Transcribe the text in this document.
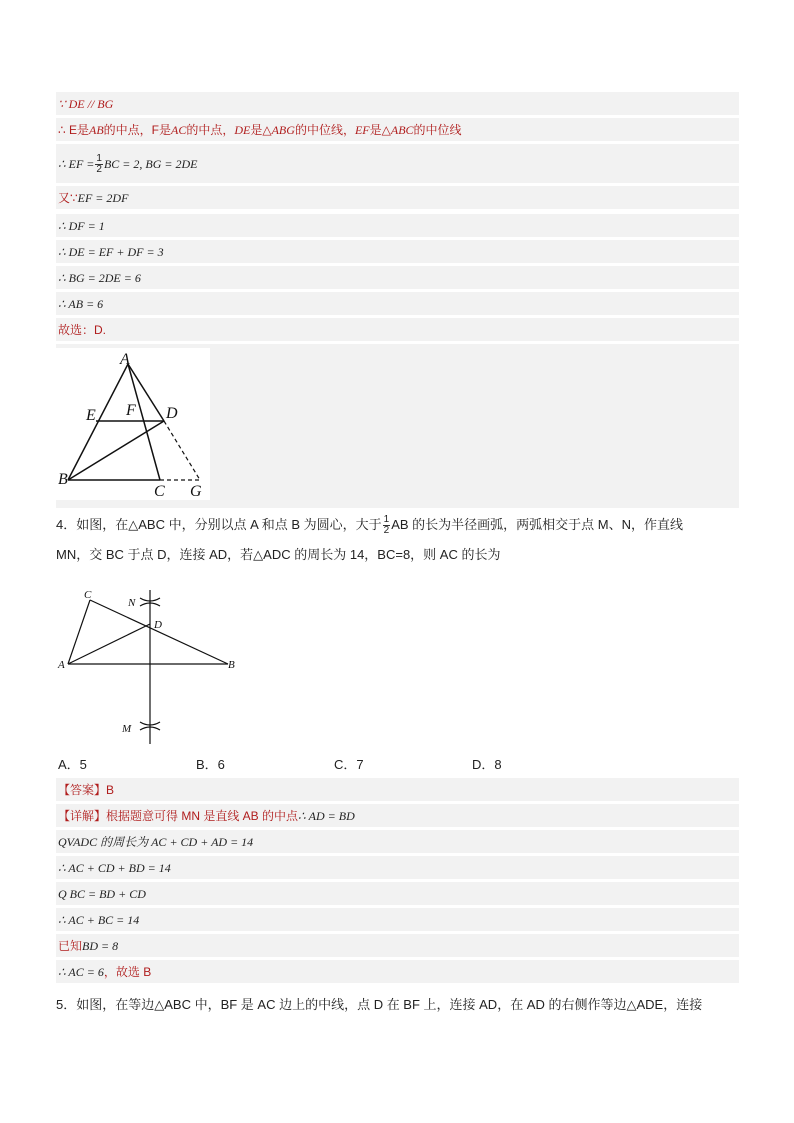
∵ DE // BG
∴ E是AB的中点，F是AC的中点，DE是△ABG的中位线，EF是△ABC的中位线
∴ EF = $\frac{1}{2}$ BC = 2, BG = 2DE
又∵EF = 2DF
∴ DF = 1
∴ DE = EF + DF = 3
∴ BG = 2DE = 6
∴ AB = 6
故选：D.
A
E F D
B
C G
4．如图，在△ABC 中，分别以点 A 和点 B 为圆心，大于 $\frac{1}{2}$ AB 的长为半径画弧，两弧相交于点 M、N，作直线
MN，交 BC 于点 D，连接 AD，若△ADC 的周长为 14，BC=8，则 AC 的长为
C
N
D
A	B
M
A．5	B．6	C．7	D．8
【答案】B
【详解】根据题意可得 MN 是直线 AB 的中点∴ AD = BD
QVADC 的周长为 AC + CD + AD = 14
∴ AC + CD + BD = 14
Q BC = BD + CD
∴ AC + BC = 14
已知BD = 8
∴ AC = 6，故选 B
5．如图，在等边△ABC 中，BF 是 AC 边上的中线，点 D 在 BF 上，连接 AD，在 AD 的右侧作等边△ADE，连接
